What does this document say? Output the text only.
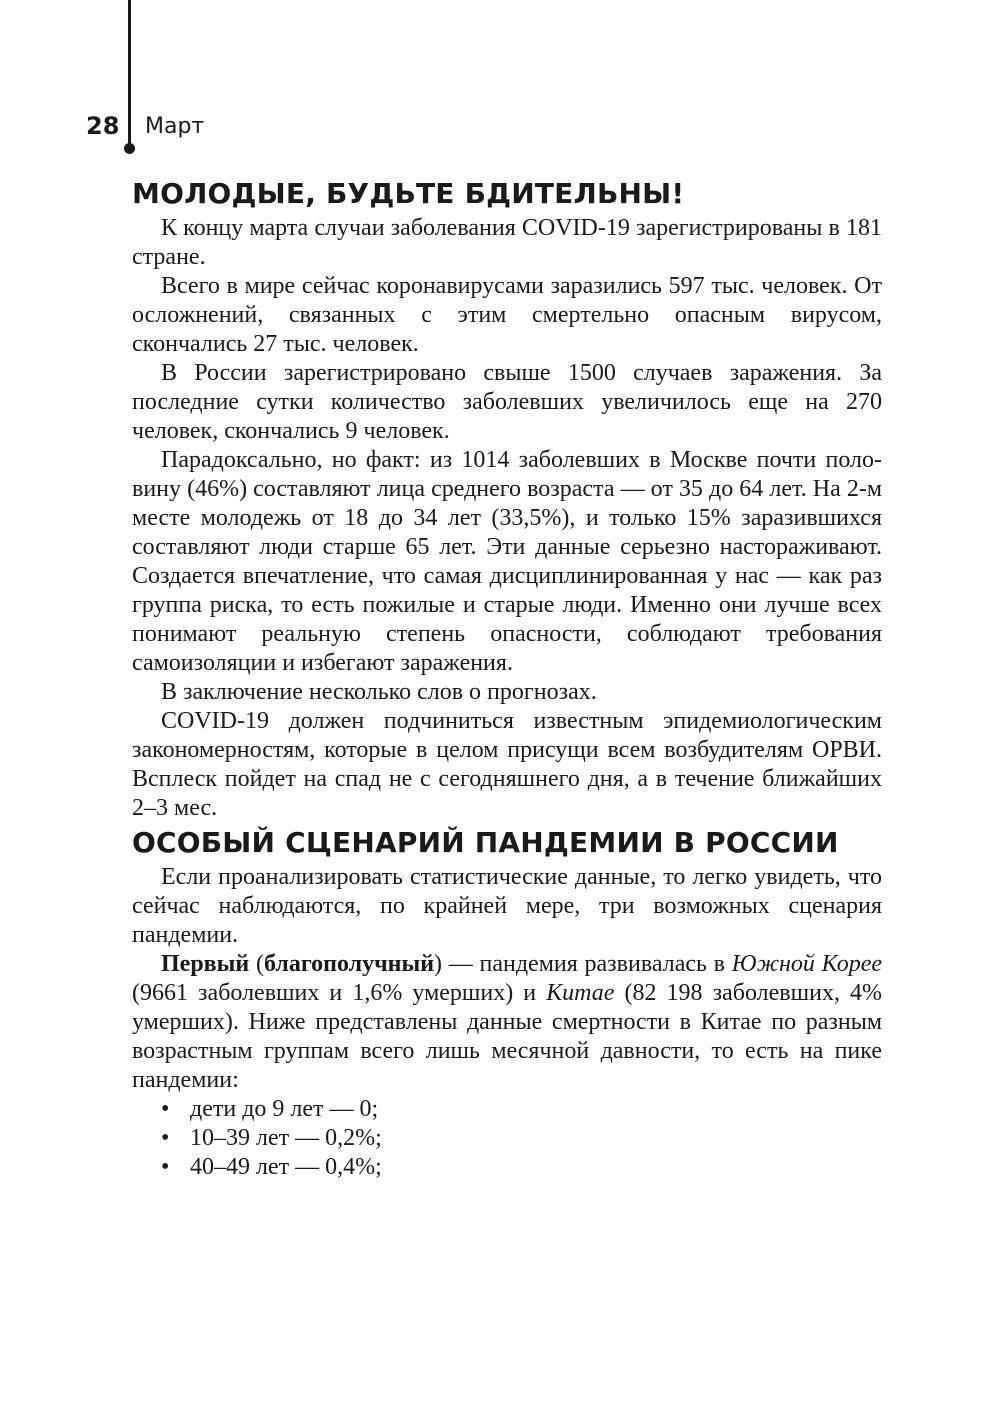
28 Март
МОЛОДЫЕ, БУДЬТЕ БДИТЕЛЬНЫ!

К концу марта случаи заболевания COVID-19 зарегистрированы в 181 стране.

Всего в мире сейчас коронавирусами заразились 597 тыс. человек. От осложнений, связанных с этим смертельно опасным вирусом, скончались 27 тыс. человек.

В России зарегистрировано свыше 1500 случаев заражения. За последние сутки количество заболевших увеличилось еще на 270 человек, скончались 9 человек.

Парадоксально, но факт: из 1014 заболевших в Москве почти половину (46%) составляют лица среднего возраста — от 35 до 64 лет. На 2-м месте молодежь от 18 до 34 лет (33,5%), и только 15% заразившихся составляют люди старше 65 лет. Эти данные серьезно настораживают. Создается впечатление, что самая дисциплинированная у нас — как раз группа риска, то есть пожилые и старые люди. Именно они лучше всех понимают реальную степень опасности, соблюдают требования самоизоляции и избегают заражения.

В заключение несколько слов о прогнозах.

COVID-19 должен подчиниться известным эпидемиологическим закономерностям, которые в целом присущи всем возбудителям ОРВИ. Всплеск пойдет на спад не с сегодняшнего дня, а в течение ближайших 2–3 мес.

ОСОБЫЙ СЦЕНАРИЙ ПАНДЕМИИ В РОССИИ

Если проанализировать статистические данные, то легко увидеть, что сейчас наблюдаются, по крайней мере, три возможных сценария пандемии.

Первый (благополучный) — пандемия развивалась в Южной Корее (9661 заболевших и 1,6% умерших) и Китае (82 198 заболевших, 4% умерших). Ниже представлены данные смертности в Китае по разным возрастным группам всего лишь месячной давности, то есть на пике пандемии:

• дети до 9 лет — 0;
• 10–39 лет — 0,2%;
• 40–49 лет — 0,4%;
